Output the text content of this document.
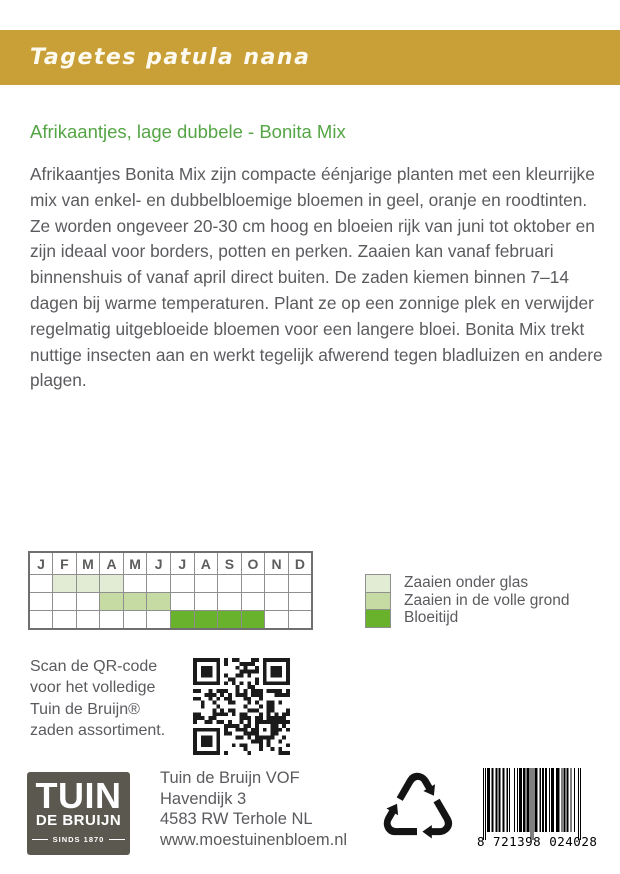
Tagetes patula nana
Afrikaantjes, lage dubbele - Bonita Mix

Afrikaantjes Bonita Mix zijn compacte éénjarige planten met een kleurrijke mix van enkel- en dubbelbloemige bloemen in geel, oranje en roodtinten. Ze worden ongeveer 20-30 cm hoog en bloeien rijk van juni tot oktober en zijn ideaal voor borders, potten en perken. Zaaien kan vanaf februari binnenshuis of vanaf april direct buiten. De zaden kiemen binnen 7–14 dagen bij warme temperaturen. Plant ze op een zonnige plek en verwijder regelmatig uitgebloeide bloemen voor een langere bloei. Bonita Mix trekt nuttige insecten aan en werkt tegelijk afwerend tegen bladluizen en andere plagen.

J	F	M	A	M	J	J	A	S	O	N	D

Zaaien onder glas
Zaaien in de volle grond
Bloeitijd
Scan de QR-code
voor het volledige
Tuin de Bruijn®
zaden assortiment.
TUIN
DE BRUIJN
SINDS 1870
Tuin de Bruijn VOF
Havendijk 3
4583 RW Terhole NL
www.moestuinenbloem.nl ♺	8 721398 024028
